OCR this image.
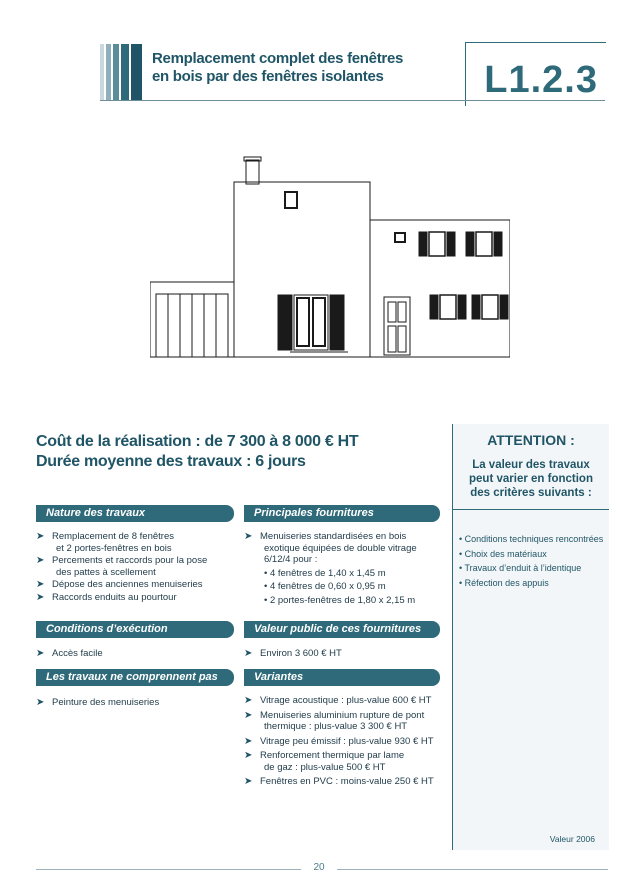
Remplacement complet des fenêtres
en bois par des fenêtres isolantes	L1.2.3
Coût de la réalisation : de 7 300 à 8 000 € HT
Durée moyenne des travaux : 6 jours
ATTENTION :
La valeur des travaux
peut varier en fonction
des critères suivants :
• Conditions techniques rencontrées
• Choix des matériaux
• Travaux d’enduit à l’identique
• Réfection des appuis
Valeur 2006
Nature des travaux
➤ Remplacement de 8 fenêtres
et 2 portes-fenêtres en bois
➤ Percements et raccords pour la pose
des pattes à scellement
➤ Dépose des anciennes menuiseries
➤ Raccords enduits au pourtour
Conditions d’exécution
➤ Accès facile
Les travaux ne comprennent pas
➤ Peinture des menuiseries
Principales fournitures
➤ Menuiseries standardisées en bois
exotique équipées de double vitrage
6/12/4 pour :
• 4 fenêtres de 1,40 x 1,45 m
• 4 fenêtres de 0,60 x 0,95 m
• 2 portes-fenêtres de 1,80 x 2,15 m
Valeur public de ces fournitures
➤ Environ 3 600 € HT
Variantes
➤ Vitrage acoustique : plus-value 600 € HT
➤ Menuiseries aluminium rupture de pont
thermique : plus-value 3 300 € HT
➤ Vitrage peu émissif : plus-value 930 € HT
➤ Renforcement thermique par lame
de gaz : plus-value 500 € HT
➤ Fenêtres en PVC : moins-value 250 € HT
20
